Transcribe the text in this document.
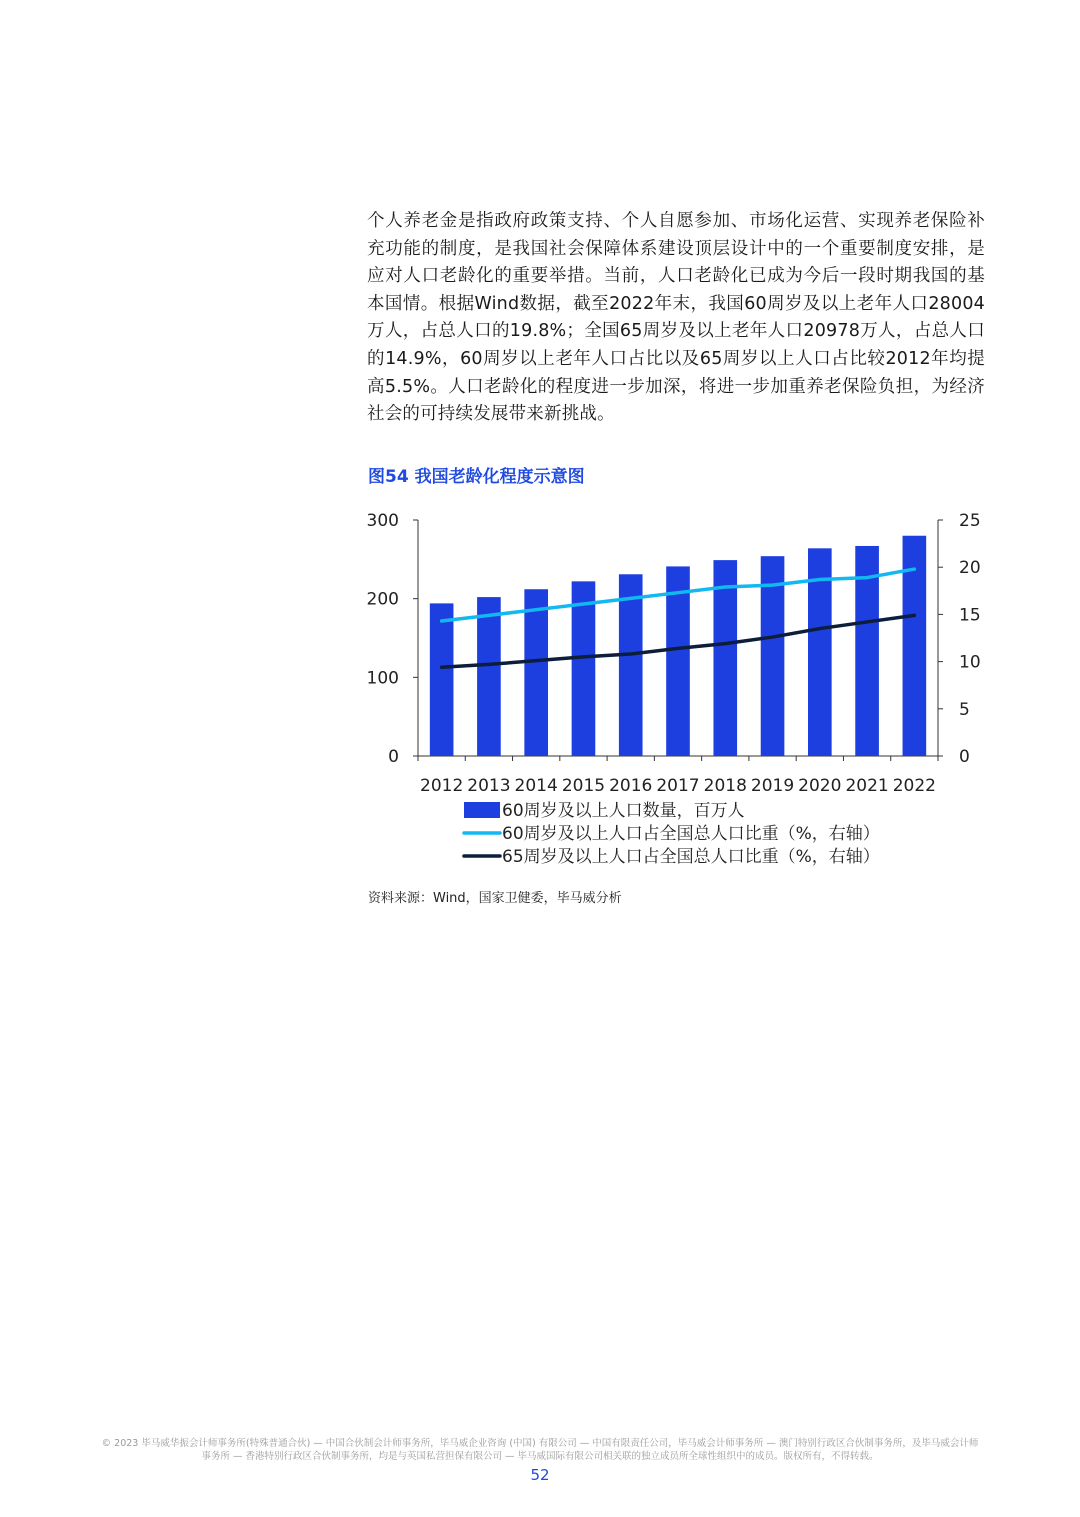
个人养老金是指政府政策支持、个人自愿参加、市场化运营、实现养老保险补充功能的制度，是我国社会保障体系建设顶层设计中的一个重要制度安排，是应对人口老龄化的重要举措。当前，人口老龄化已成为今后一段时期我国的基本国情。根据Wind数据，截至2022年末，我国60周岁及以上老年人口28004万人，占总人口的19.8%；全国65周岁及以上老年人口20978万人，占总人口的14.9%，60周岁以上老年人口占比以及65周岁以上人口占比较2012年均提高5.5%。人口老龄化的程度进一步加深，将进一步加重养老保险负担，为经济社会的可持续发展带来新挑战。
图54 我国老龄化程度示意图
0
100
200
300
0
5
10
15
20
25
2012 2013 2014 2015 2016 2017 2018 2019 2020 2021 2022
60周岁及以上人口数量，百万人
60周岁及以上人口占全国总人口比重（%，右轴）
65周岁及以上人口占全国总人口比重（%，右轴）
资料来源：Wind，国家卫健委，毕马威分析
© 2023 毕马威华振会计师事务所(特殊普通合伙) — 中国合伙制会计师事务所，毕马威企业咨询 (中国) 有限公司 — 中国有限责任公司，毕马威会计师事务所 — 澳门特别行政区合伙制事务所，及毕马威会计师事务所 — 香港特别行政区合伙制事务所，均是与英国私营担保有限公司 — 毕马威国际有限公司相关联的独立成员所全球性组织中的成员。版权所有，不得转载。
52
